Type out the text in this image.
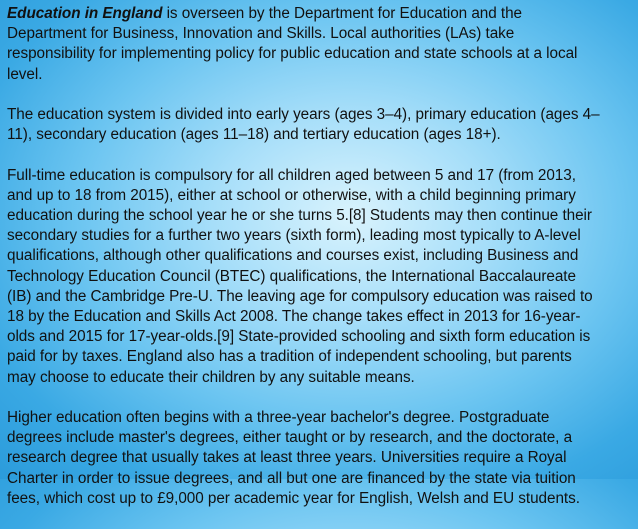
Education in England is overseen by the Department for Education and the
Department for Business, Innovation and Skills. Local authorities (LAs) take
responsibility for implementing policy for public education and state schools at a local
level.

The education system is divided into early years (ages 3–4), primary education (ages 4–
11), secondary education (ages 11–18) and tertiary education (ages 18+).

Full-time education is compulsory for all children aged between 5 and 17 (from 2013,
and up to 18 from 2015), either at school or otherwise, with a child beginning primary
education during the school year he or she turns 5.[8] Students may then continue their
secondary studies for a further two years (sixth form), leading most typically to A-level
qualifications, although other qualifications and courses exist, including Business and
Technology Education Council (BTEC) qualifications, the International Baccalaureate
(IB) and the Cambridge Pre-U. The leaving age for compulsory education was raised to
18 by the Education and Skills Act 2008. The change takes effect in 2013 for 16-year-
olds and 2015 for 17-year-olds.[9] State-provided schooling and sixth form education is
paid for by taxes. England also has a tradition of independent schooling, but parents
may choose to educate their children by any suitable means.

Higher education often begins with a three-year bachelor's degree. Postgraduate
degrees include master's degrees, either taught or by research, and the doctorate, a
research degree that usually takes at least three years. Universities require a Royal
Charter in order to issue degrees, and all but one are financed by the state via tuition
fees, which cost up to £9,000 per academic year for English, Welsh and EU students.
